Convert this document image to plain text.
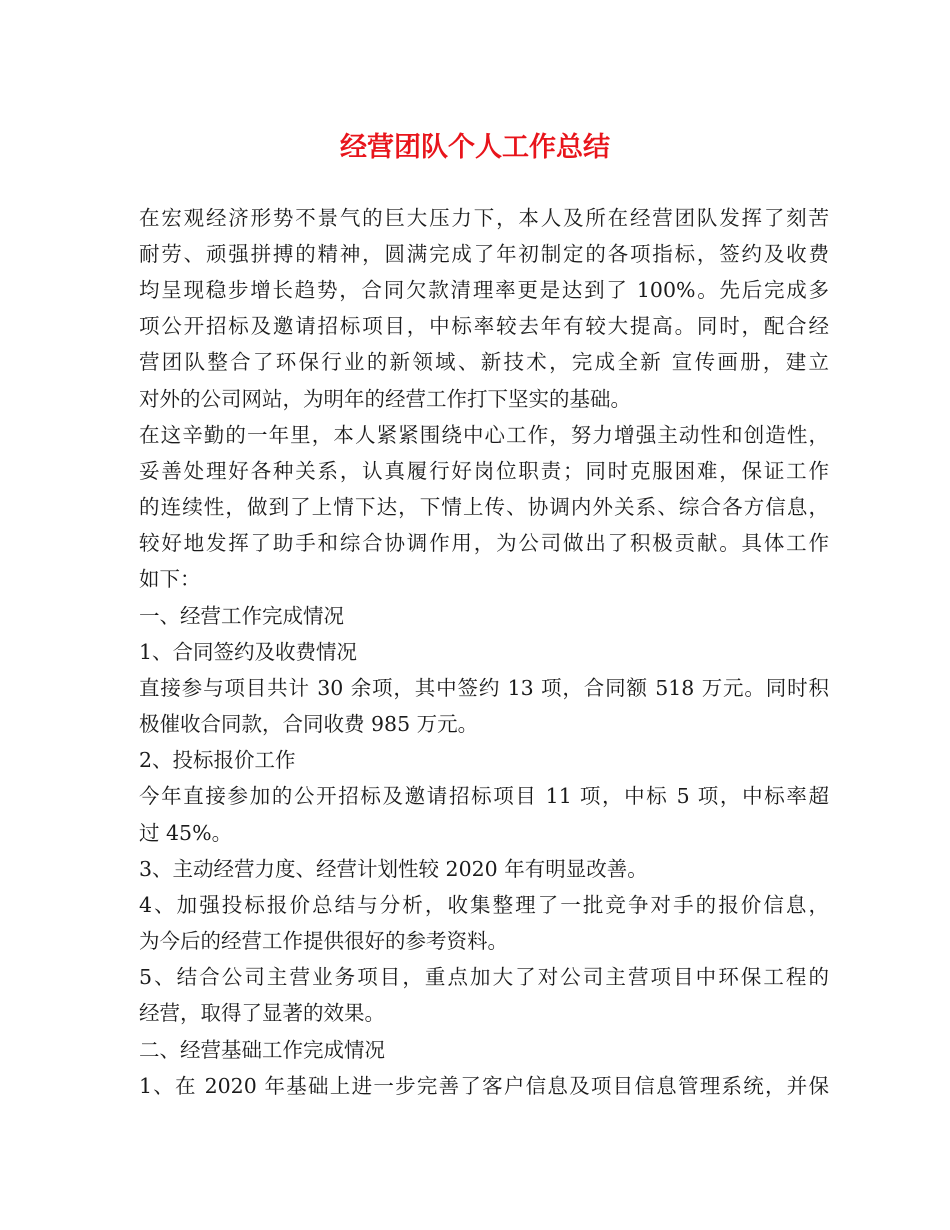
经营团队个人工作总结

在宏观经济形势不景气的巨大压力下，本人及所在经营团队发挥了刻苦

耐劳、顽强拼搏的精神，圆满完成了年初制定的各项指标，签约及收费

均呈现稳步增长趋势，合同欠款清理率更是达到了 100%。先后完成多

项公开招标及邀请招标项目，中标率较去年有较大提高。同时，配合经

营团队整合了环保行业的新领域、新技术，完成全新 宣传画册，建立

对外的公司网站，为明年的经营工作打下坚实的基础。

在这辛勤的一年里，本人紧紧围绕中心工作，努力增强主动性和创造性，

妥善处理好各种关系，认真履行好岗位职责；同时克服困难，保证工作

的连续性，做到了上情下达，下情上传、协调内外关系、综合各方信息，

较好地发挥了助手和综合协调作用，为公司做出了积极贡献。具体工作

如下：

一、经营工作完成情况

1、合同签约及收费情况

直接参与项目共计 30 余项，其中签约 13 项，合同额 518 万元。同时积

极催收合同款，合同收费 985 万元。

2、投标报价工作

今年直接参加的公开招标及邀请招标项目 11 项，中标 5 项，中标率超

过 45%。

3、主动经营力度、经营计划性较 2020 年有明显改善。

4、加强投标报价总结与分析，收集整理了一批竞争对手的报价信息，

为今后的经营工作提供很好的参考资料。

5、结合公司主营业务项目，重点加大了对公司主营项目中环保工程的

经营，取得了显著的效果。

二、经营基础工作完成情况

1、在 2020 年基础上进一步完善了客户信息及项目信息管理系统，并保
